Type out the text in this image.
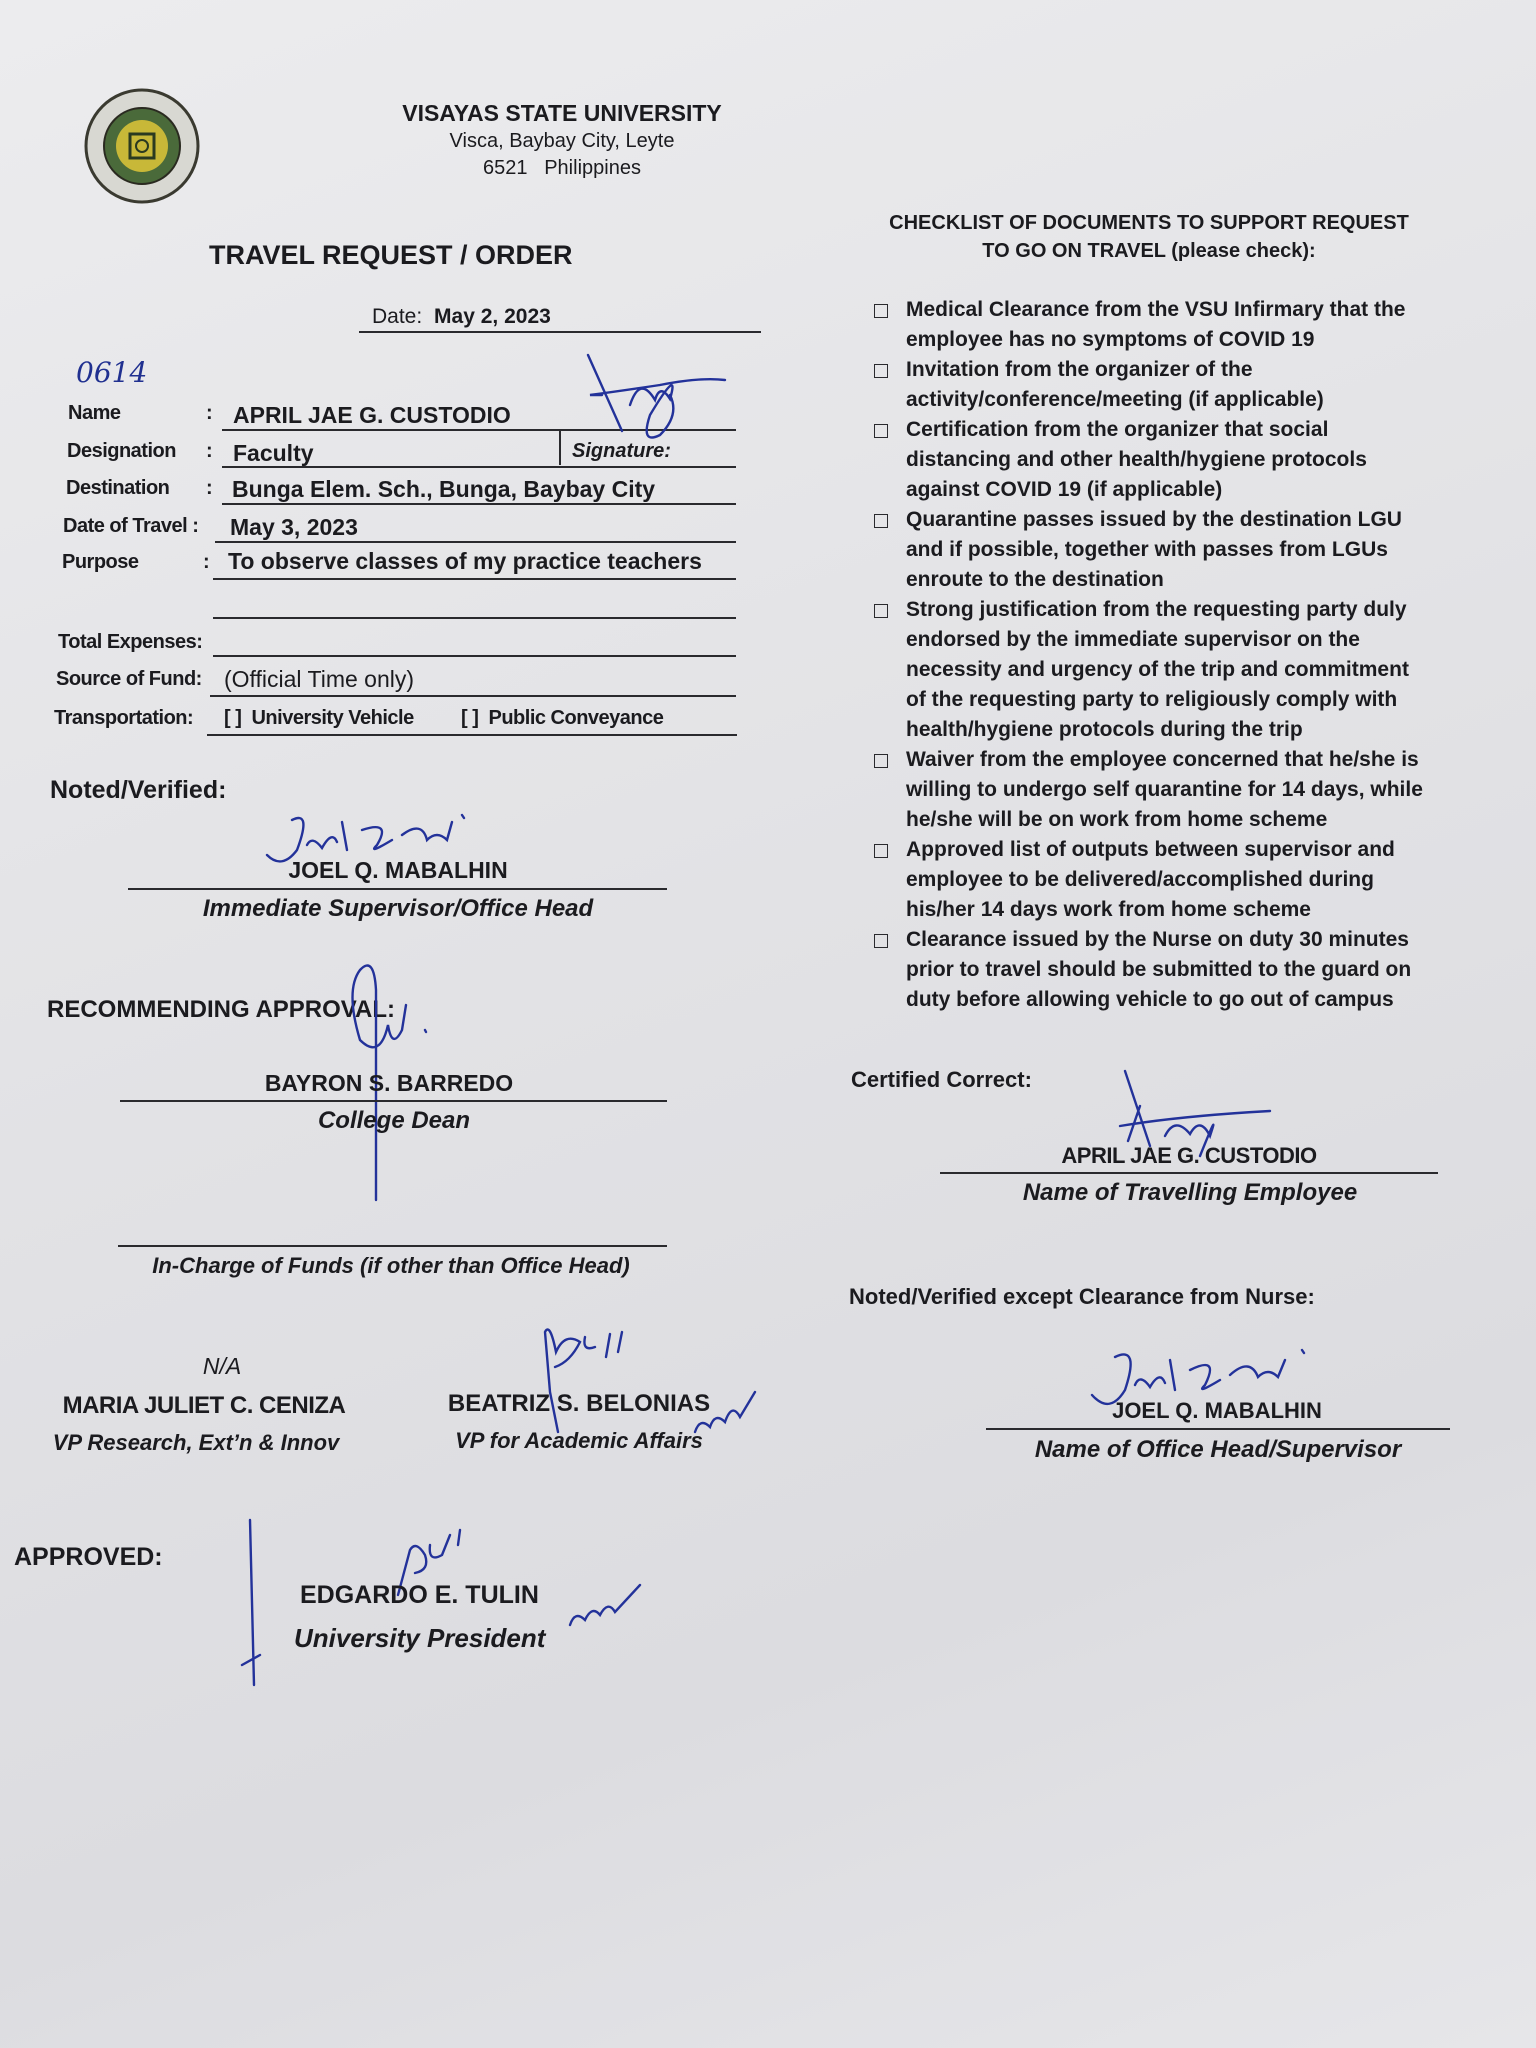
VISAYAS STATE UNIVERSITY
Visca, Baybay City, Leyte
6521   Philippines
TRAVEL REQUEST / ORDER
Date: May 2, 2023
0614
Name	: APRIL JAE G. CUSTODIO
Designation : Faculty	Signature:
Destination : Bunga Elem. Sch., Bunga, Baybay City
Date of Travel : May 3, 2023
Purpose	: To observe classes of my practice teachers
Total Expenses:
Source of Fund: (Official Time only)
Transportation: [ ]  University Vehicle [ ]  Public Conveyance
Noted/Verified:
JOEL Q. MABALHIN
Immediate Supervisor/Office Head
RECOMMENDING APPROVAL:
BAYRON S. BARREDO
College Dean
In-Charge of Funds (if other than Office Head)
N/A
MARIA JULIET C. CENIZA
VP Research, Ext’n & Innov
BEATRIZ S. BELONIAS
VP for Academic Affairs
APPROVED:
EDGARDO E. TULIN
University President
CHECKLIST OF DOCUMENTS TO SUPPORT REQUEST
TO GO ON TRAVEL (please check):
Medical Clearance from the VSU Infirmary that the
employee has no symptoms of COVID 19
Invitation from the organizer of the
activity/conference/meeting (if applicable)
Certification from the organizer that social
distancing and other health/hygiene protocols
against COVID 19 (if applicable)
Quarantine passes issued by the destination LGU
and if possible, together with passes from LGUs
enroute to the destination
Strong justification from the requesting party duly
endorsed by the immediate supervisor on the
necessity and urgency of the trip and commitment
of the requesting party to religiously comply with
health/hygiene protocols during the trip
Waiver from the employee concerned that he/she is
willing to undergo self quarantine for 14 days, while
he/she will be on work from home scheme
Approved list of outputs between supervisor and
employee to be delivered/accomplished during
his/her 14 days work from home scheme
Clearance issued by the Nurse on duty 30 minutes
prior to travel should be submitted to the guard on
duty before allowing vehicle to go out of campus
Certified Correct:
APRIL JAE G. CUSTODIO
Name of Travelling Employee
Noted/Verified except Clearance from Nurse:
JOEL Q. MABALHIN
Name of Office Head/Supervisor
